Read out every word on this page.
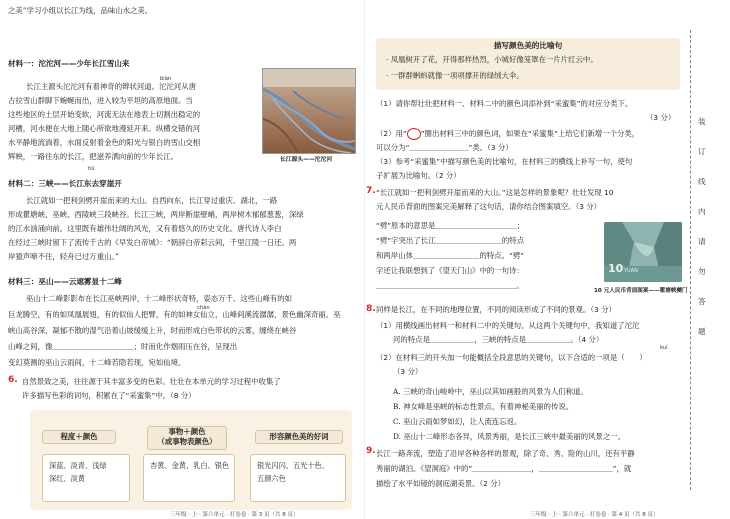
之美”学习小组以长江为线，品味山水之美。
材料一：沱沱河——少年长江雪山来
biàn
长江主源头沱沱河有着神奇的辫状河道。沱沱河从唐
古拉雪山群脚下蜿蜒而出，进入较为平坦的高原地面。当
这些地区的土层开始变软，河流无法在地表上切割出稳定的
河槽，河水便在大地上随心所欲地漫延开来。纵横交错的河
水平静地流淌着，水面反射着金色的阳光与银白的雪山交相
辉映，一路往东的长江，把滋养洒向前的少年长江。	长江源头——沱沱河
材料二：三峡——长江东去穿崖开
hǔ
长江就如一把利剑劈开崖而来的大山。自西向东，长江穿过重庆、湖北，一路
形成瞿塘峡、巫峡、西陵峡三段峡谷。长江三峡，两岸断崖壁峭，两岸树木郁郁葱葱，深绿
的江水汹涌向前。这里既有雄伟壮阔的风光，又有着悠久的历史文化。唐代诗人李白
在经过三峡时留下了流传千古的《早发白帝城》：“朝辞白帝彩云间，千里江陵一日还。两
岸猿声啼不住，轻舟已过万重山。”
材料三：巫山——云遮雾显十二峰
chán
巫山十二峰影影布在长江巫峡两岸，十二峰形状奇特，姿态万千。这些山峰有的如
巨龙腾空，有的如凤凰展翅，有的似仙人把臂，有的如神女仙立，山峰间溪流潺潺，景色幽深奇丽。巫
峡山高谷深，凝郁不散的湿气沿着山坡缓缓上升，时而形成白色带状的云雾，缠绕在峡谷
山峰之间，像＿＿＿＿＿＿＿＿＿＿＿；时而化作烟雨压在谷，呈现出
变幻莫测的巫山云雨间，十二峰若隐若现，宛如仙境。
6. 自然景致之美，往往源于其丰富多变的色彩。壮壮在本单元的学习过程中收集了
许多描写色彩的词句，积累在了“采蜜集”中。（8 分）
程度＋颜色
事物＋颜色
（或事物表颜色）
形容颜色美的好词
深蓝、淡青、浅绿
深红、淡黄
杏黄、金黄、乳白、银色	银光闪闪、五光十色、
五颜六色
三年级 · 上 · 第六单元 · 打卷卷 · 第 3 页（共 8 页）
描写颜色美的比喻句
· 凤凰树开了花，开得那样热烈，小城好像笼罩在一片片红云中。
· 一群群蝌蚪就像一项项撑开的绿绒大伞。
（1）请你帮壮壮把材料一、材料二中的颜色词添补到“采蜜集”的对应分类下。
（3 分）
（2）用“ ”圈出材料三中的颜色词，如果在“采蜜集”上给它们新增一个分类，
可以分为“＿＿＿＿＿＿＿＿”类。（3 分）
（3）参考“采蜜集”中描写颜色美的比喻句，在材料三的横线上补写一句，使句
子扩展为比喻句。（2 分）
7. “长江就如一把利剑劈开崖而来的大山。”这是怎样的景象呢？壮壮发现 10
元人民币背面的图案完美解释了这句话，请你结合图案填空。（3 分）
“劈”原本的意思是＿＿＿＿＿＿＿＿＿＿＿；
“劈”字突出了长江＿＿＿＿＿＿＿＿＿的特点
和两岸山体＿＿＿＿＿＿＿＿＿的特点。“劈”
字还让我联想到了《望天门山》中的一句诗：
＿＿＿＿＿＿＿＿＿＿＿＿＿＿＿＿＿＿＿。
10 YUAN
10 元人民币背面图案——瞿塘峡夔门
8. 同样是长江，在不同的地理位置，不同的阅读形成了不同的景观。（3 分）
（1）用横线画出材料一和材料二中的关键句。从这两个关键句中，我知道了沱沱
河的特点是＿＿＿＿＿＿，三峡的特点是＿＿＿＿＿＿。（4 分）
kuí
（2）在材料三的开头加一句能概括全段意思的关键句，以下合适的一项是（　　）
（3 分）
A. 三峡的奇山峻岭中，巫山以其如画般的风景为人们称道。
B. 神女峰是巫峡的标志性景点，有着神秘美丽的传说。
C. 巫山云雨如梦如幻，让人流连忘返。
D. 巫山十二峰形态各异，风景秀丽，是长江三峡中最美丽的风景之一。
9. 长江一路奔流，塑造了沿岸各种各样的景观，除了奇、秀、险的山川，还有平静
秀丽的湖泊。《望洞庭》中的“＿＿＿＿＿＿＿＿，＿＿＿＿＿＿＿＿＿＿”，就
描绘了水平如镜的洞庭湖美景。（2 分）
三年级 · 上 · 第六单元 · 打卷卷 · 第 4 页（共 8 页）
装
订
线
内
请
勿
答
题
